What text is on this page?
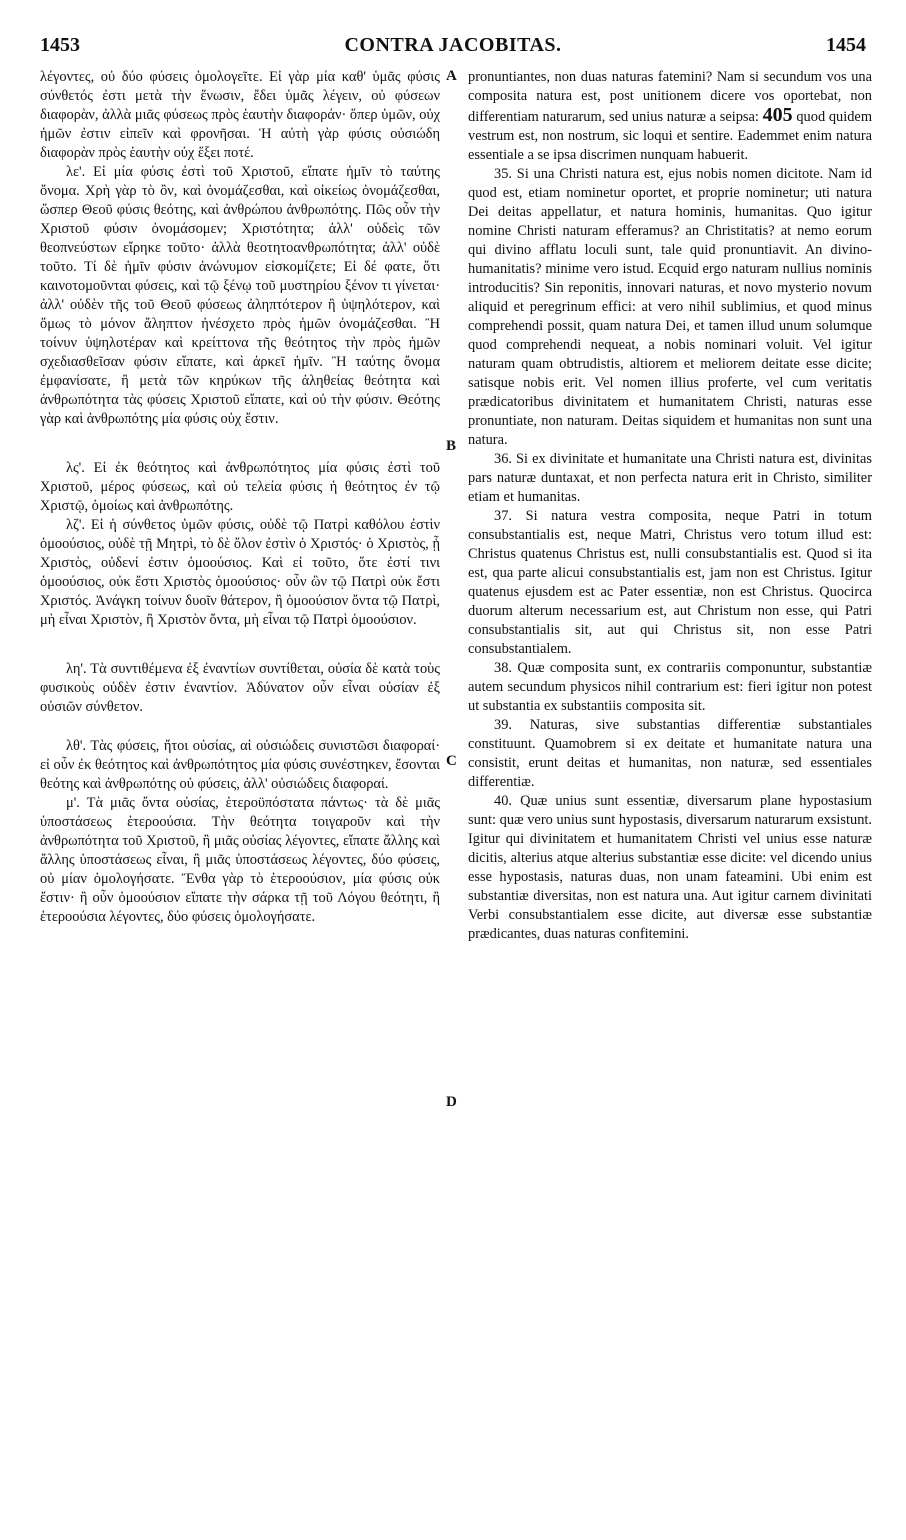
1453	CONTRA JACOBITAS.	1454
A
B
C
D

λέγοντες, οὐ δύο φύσεις ὁμολογεῖτε. Εἰ γὰρ μία καθ' ὑμᾶς φύσις σύνθετός ἐστι μετὰ τὴν ἕνωσιν, ἔδει ὑμᾶς λέγειν, οὐ φύσεων διαφορὰν, ἀλλὰ μιᾶς φύσεως πρὸς ἑαυτὴν διαφοράν· ὅπερ ὑμῶν, οὐχ ἡμῶν ἐστιν εἰπεῖν καὶ φρονῆσαι. Ἡ αὐτὴ γὰρ φύσις οὐσιώδη διαφορὰν πρὸς ἑαυτὴν οὐχ ἕξει ποτέ.

λε'. Εἰ μία φύσις ἐστὶ τοῦ Χριστοῦ, εἴπατε ἡμῖν τὸ ταύτης ὄνομα. Χρὴ γὰρ τὸ ὂν, καὶ ὀνομάζεσθαι, καὶ οἰκείως ὀνομάζεσθαι, ὥσπερ Θεοῦ φύσις θεότης, καὶ ἀνθρώπου ἀνθρωπότης. Πῶς οὖν τὴν Χριστοῦ φύσιν ὀνομάσομεν; Χριστότητα; ἀλλ' οὐδεὶς τῶν θεοπνεύστων εἴρηκε τοῦτο· ἀλλὰ θεοτητοανθρωπότητα; ἀλλ' οὐδὲ τοῦτο. Τί δὲ ἡμῖν φύσιν ἀνώνυμον εἰσκομίζετε; Εἰ δέ φατε, ὅτι καινοτομοῦνται φύσεις, καὶ τῷ ξένῳ τοῦ μυστηρίου ξένον τι γίνεται· ἀλλ' οὐδὲν τῆς τοῦ Θεοῦ φύσεως ἀληπτότερον ἢ ὑψηλότερον, καὶ ὅμως τὸ μόνον ἄληπτον ἠνέσχετο πρὸς ἡμῶν ὀνομάζεσθαι. Ἢ τοίνυν ὑψηλοτέραν καὶ κρείττονα τῆς θεότητος τὴν πρὸς ἡμῶν σχεδιασθεῖσαν φύσιν εἴπατε, καὶ ἀρκεῖ ἡμῖν. Ἢ ταύτης ὄνομα ἐμφανίσατε, ἢ μετὰ τῶν κηρύκων τῆς ἀληθείας θεότητα καὶ ἀνθρωπότητα τὰς φύσεις Χριστοῦ εἴπατε, καὶ οὐ τὴν φύσιν. Θεότης γὰρ καὶ ἀνθρωπότης μία φύσις οὐχ ἔστιν.

λς'. Εἰ ἐκ θεότητος καὶ ἀνθρωπότητος μία φύσις ἐστὶ τοῦ Χριστοῦ, μέρος φύσεως, καὶ οὐ τελεία φύσις ἡ θεότητος ἐν τῷ Χριστῷ, ὁμοίως καὶ ἀνθρωπότης.

λζ'. Εἰ ἡ σύνθετος ὑμῶν φύσις, οὐδὲ τῷ Πατρὶ καθόλου ἐστὶν ὁμοούσιος, οὐδὲ τῇ Μητρὶ, τὸ δὲ ὅλον ἐστὶν ὁ Χριστός· ὁ Χριστὸς, ᾗ Χριστὸς, οὐδενί ἐστιν ὁμοούσιος. Καὶ εἰ τοῦτο, ὅτε ἐστί τινι ὁμοούσιος, οὐκ ἔστι Χριστὸς ὁμοούσιος· οὖν ὢν τῷ Πατρὶ οὐκ ἔστι Χριστός. Ἀνάγκη τοίνυν δυοῖν θάτερον, ἢ ὁμοούσιον ὄντα τῷ Πατρὶ, μὴ εἶναι Χριστὸν, ἢ Χριστὸν ὄντα, μὴ εἶναι τῷ Πατρὶ ὁμοούσιον.

λη'. Τὰ συντιθέμενα ἐξ ἐναντίων συντίθεται, οὐσία δὲ κατὰ τοὺς φυσικοὺς οὐδὲν ἐστιν ἐναντίον. Ἀδύνατον οὖν εἶναι οὐσίαν ἐξ οὐσιῶν σύνθετον.

λθ'. Τὰς φύσεις, ἤτοι οὐσίας, αἱ οὐσιώδεις συνιστῶσι διαφοραί· εἰ οὖν ἐκ θεότητος καὶ ἀνθρωπότητος μία φύσις συνέστηκεν, ἔσονται θεότης καὶ ἀνθρωπότης οὐ φύσεις, ἀλλ' οὐσιώδεις διαφοραί.

μ'. Τὰ μιᾶς ὄντα οὐσίας, ἑτεροϋπόστατα πάντως· τὰ δὲ μιᾶς ὑποστάσεως ἑτεροούσια. Τὴν θεότητα τοιγαροῦν καὶ τὴν ἀνθρωπότητα τοῦ Χριστοῦ, ἢ μιᾶς οὐσίας λέγοντες, εἴπατε ἄλλης καὶ ἄλλης ὑποστάσεως εἶναι, ἢ μιᾶς ὑποστάσεως λέγοντες, δύο φύσεις, οὐ μίαν ὁμολογήσατε. Ἔνθα γὰρ τὸ ἑτεροούσιον, μία φύσις οὐκ ἔστιν· ἢ οὖν ὁμοούσιον εἴπατε τὴν σάρκα τῇ τοῦ Λόγου θεότητι, ἢ ἑτεροούσια λέγοντες, δύο φύσεις ὁμολογήσατε.

pronuntiantes, non duas naturas fatemini? Nam si secundum vos una composita natura est, post unitionem dicere vos oportebat, non differentiam naturarum, sed unius naturæ a seipsa: 405 quod quidem vestrum est, non nostrum, sic loqui et sentire. Eademmet enim natura essentiale a se ipsa discrimen nunquam habuerit.

35. Si una Christi natura est, ejus nobis nomen dicitote. Nam id quod est, etiam nominetur oportet, et proprie nominetur; uti natura Dei deitas appellatur, et natura hominis, humanitas. Quo igitur nomine Christi naturam efferamus? an Christitatis? at nemo eorum qui divino afflatu loculi sunt, tale quid pronuntiavit. An divino-humanitatis? minime vero istud. Ecquid ergo naturam nullius nominis introducitis? Sin reponitis, innovari naturas, et novo mysterio novum aliquid et peregrinum effici: at vero nihil sublimius, et quod minus comprehendi possit, quam natura Dei, et tamen illud unum solumque quod comprehendi nequeat, a nobis nominari voluit. Vel igitur naturam quam obtrudistis, altiorem et meliorem deitate esse dicite; satisque nobis erit. Vel nomen illius proferte, vel cum veritatis prædicatoribus divinitatem et humanitatem Christi, naturas esse pronuntiate, non naturam. Deitas siquidem et humanitas non sunt una natura.

36. Si ex divinitate et humanitate una Christi natura est, divinitas pars naturæ duntaxat, et non perfecta natura erit in Christo, similiter etiam et humanitas.

37. Si natura vestra composita, neque Patri in totum consubstantialis est, neque Matri, Christus vero totum illud est: Christus quatenus Christus est, nulli consubstantialis est. Quod si ita est, qua parte alicui consubstantialis est, jam non est Christus. Igitur quatenus ejusdem est ac Pater essentiæ, non est Christus. Quocirca duorum alterum necessarium est, aut Christum non esse, qui Patri consubstantialis sit, aut qui Christus sit, non esse Patri consubstantialem.

38. Quæ composita sunt, ex contrariis componuntur, substantiæ autem secundum physicos nihil contrarium est: fieri igitur non potest ut substantia ex substantiis composita sit.

39. Naturas, sive substantias differentiæ substantiales constituunt. Quamobrem si ex deitate et humanitate natura una consistit, erunt deitas et humanitas, non naturæ, sed essentiales differentiæ.

40. Quæ unius sunt essentiæ, diversarum plane hypostasium sunt: quæ vero unius sunt hypostasis, diversarum naturarum exsistunt. Igitur qui divinitatem et humanitatem Christi vel unius esse naturæ dicitis, alterius atque alterius substantiæ esse dicite: vel dicendo unius esse hypostasis, naturas duas, non unam fateamini. Ubi enim est substantiæ diversitas, non est natura una. Aut igitur carnem divinitati Verbi consubstantialem esse dicite, aut diversæ esse substantiæ prædicantes, duas naturas confitemini.
